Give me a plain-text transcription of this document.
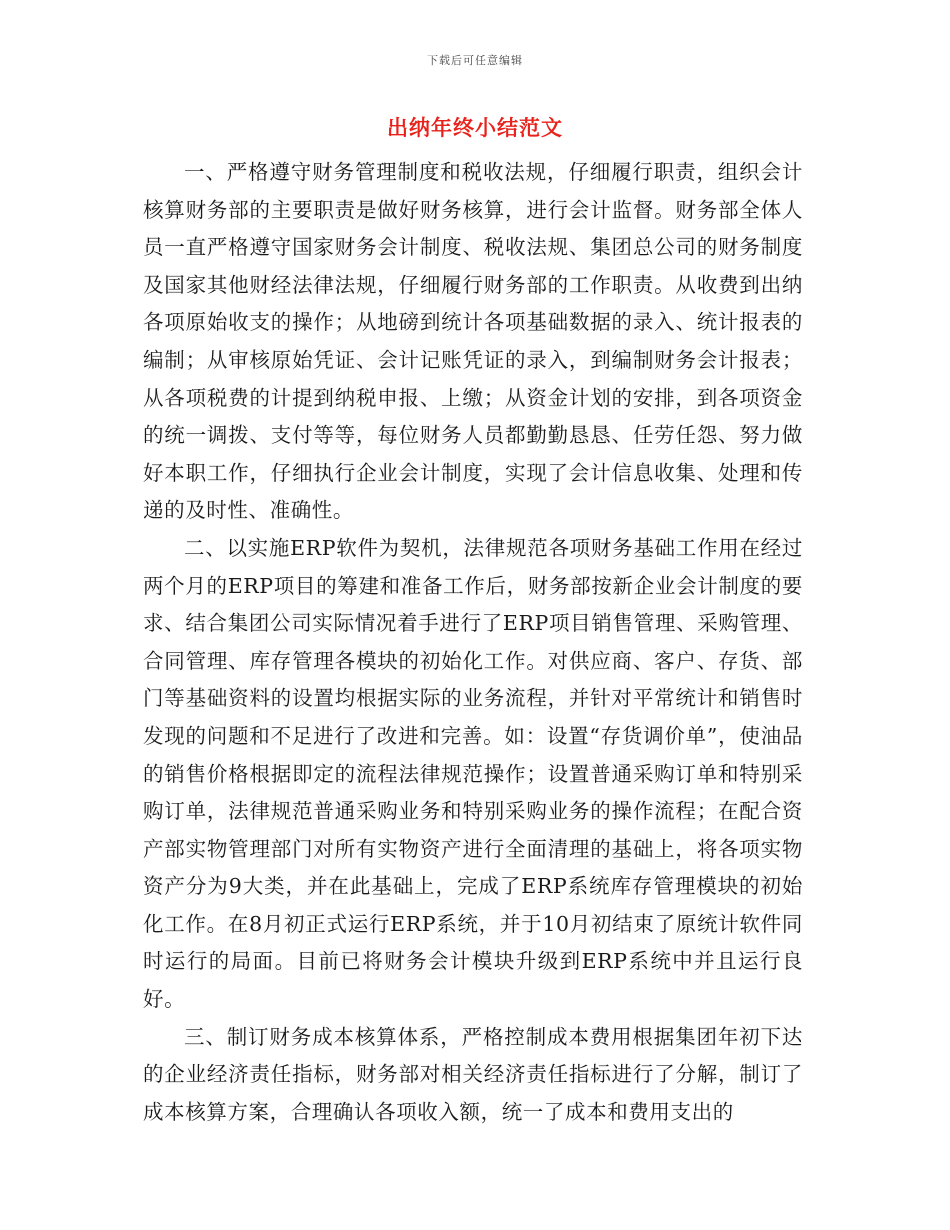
下载后可任意编辑
出纳年终小结范文

一、严格遵守财务管理制度和税收法规，仔细履行职责，组织会计核算财务部的主要职责是做好财务核算，进行会计监督。财务部全体人员一直严格遵守国家财务会计制度、税收法规、集团总公司的财务制度及国家其他财经法律法规，仔细履行财务部的工作职责。从收费到出纳各项原始收支的操作；从地磅到统计各项基础数据的录入、统计报表的编制；从审核原始凭证、会计记账凭证的录入，到编制财务会计报表；从各项税费的计提到纳税申报、上缴；从资金计划的安排，到各项资金的统一调拨、支付等等，每位财务人员都勤勤恳恳、任劳任怨、努力做好本职工作，仔细执行企业会计制度，实现了会计信息收集、处理和传递的及时性、准确性。

二、以实施ERP软件为契机，法律规范各项财务基础工作用在经过两个月的ERP项目的筹建和准备工作后，财务部按新企业会计制度的要求、结合集团公司实际情况着手进行了ERP项目销售管理、采购管理、合同管理、库存管理各模块的初始化工作。对供应商、客户、存货、部门等基础资料的设置均根据实际的业务流程，并针对平常统计和销售时发现的问题和不足进行了改进和完善。如：设置“存货调价单”，使油品的销售价格根据即定的流程法律规范操作；设置普通采购订单和特别采购订单，法律规范普通采购业务和特别采购业务的操作流程；在配合资产部实物管理部门对所有实物资产进行全面清理的基础上，将各项实物资产分为9大类，并在此基础上，完成了ERP系统库存管理模块的初始化工作。在8月初正式运行ERP系统，并于10月初结束了原统计软件同时运行的局面。目前已将财务会计模块升级到ERP系统中并且运行良好。

三、制订财务成本核算体系，严格控制成本费用根据集团年初下达的企业经济责任指标，财务部对相关经济责任指标进行了分解，制订了成本核算方案，合理确认各项收入额，统一了成本和费用支出的
